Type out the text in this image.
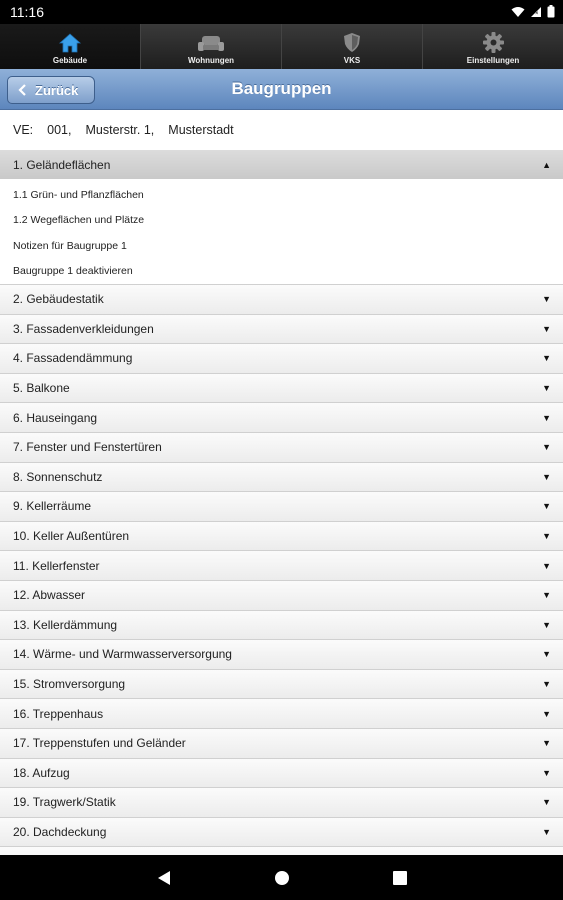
11:16	×
Gebäude	Wohnungen	VKS	Einstellungen
Zurück	Baugruppen
VE: 001, Musterstr. 1, Musterstadt
1. Geländeflächen	▲
1.1 Grün- und Pflanzflächen
1.2 Wegeflächen und Plätze
Notizen für Baugruppe 1
Baugruppe 1 deaktivieren
2. Gebäudestatik	▼
3. Fassadenverkleidungen	▼
4. Fassadendämmung	▼
5. Balkone	▼
6. Hauseingang	▼
7. Fenster und Fenstertüren	▼
8. Sonnenschutz	▼
9. Kellerräume	▼
10. Keller Außentüren	▼
11. Kellerfenster	▼
12. Abwasser	▼
13. Kellerdämmung	▼
14. Wärme- und Warmwasserversorgung	▼
15. Stromversorgung	▼
16. Treppenhaus	▼
17. Treppenstufen und Geländer	▼
18. Aufzug	▼
19. Tragwerk/Statik	▼
20. Dachdeckung	▼
